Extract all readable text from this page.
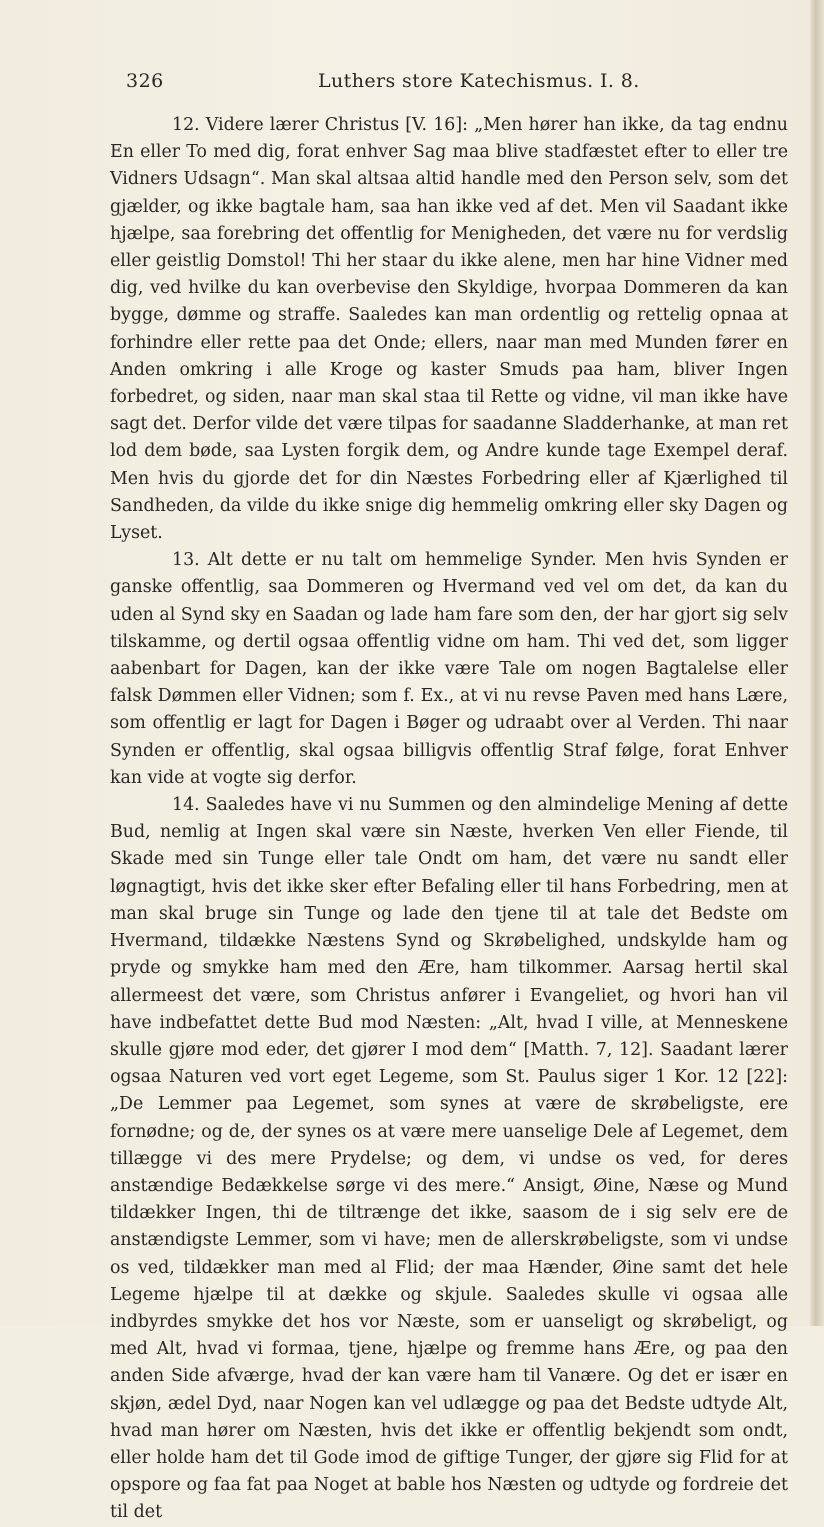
326	Luthers store Katechismus. I. 8.

12. Videre lærer Christus [V. 16]: „Men hører han ikke, da tag endnu En eller To med dig, forat enhver Sag maa blive stadfæstet efter to eller tre Vidners Udsagn“. Man skal altsaa altid handle med den Person selv, som det gjælder, og ikke bagtale ham, saa han ikke ved af det. Men vil Saadant ikke hjælpe, saa forebring det offentlig for Menigheden, det være nu for verdslig eller geistlig Domstol! Thi her staar du ikke alene, men har hine Vidner med dig, ved hvilke du kan overbevise den Skyldige, hvorpaa Dommeren da kan bygge, dømme og straffe. Saaledes kan man ordentlig og rettelig opnaa at forhindre eller rette paa det Onde; ellers, naar man med Munden fører en Anden omkring i alle Kroge og kaster Smuds paa ham, bliver Ingen forbedret, og siden, naar man skal staa til Rette og vidne, vil man ikke have sagt det. Derfor vilde det være tilpas for saadanne Sladderhanke, at man ret lod dem bøde, saa Lysten forgik dem, og Andre kunde tage Exempel deraf. Men hvis du gjorde det for din Næstes Forbedring eller af Kjærlighed til Sandheden, da vilde du ikke snige dig hemmelig omkring eller sky Dagen og Lyset.

13. Alt dette er nu talt om hemmelige Synder. Men hvis Synden er ganske offentlig, saa Dommeren og Hvermand ved vel om det, da kan du uden al Synd sky en Saadan og lade ham fare som den, der har gjort sig selv tilskamme, og dertil ogsaa offentlig vidne om ham. Thi ved det, som ligger aabenbart for Dagen, kan der ikke være Tale om nogen Bagtalelse eller falsk Dømmen eller Vidnen; som f. Ex., at vi nu revse Paven med hans Lære, som offentlig er lagt for Dagen i Bøger og udraabt over al Verden. Thi naar Synden er offentlig, skal ogsaa billigvis offentlig Straf følge, forat Enhver kan vide at vogte sig derfor.

14. Saaledes have vi nu Summen og den almindelige Mening af dette Bud, nemlig at Ingen skal være sin Næste, hverken Ven eller Fiende, til Skade med sin Tunge eller tale Ondt om ham, det være nu sandt eller løgnagtigt, hvis det ikke sker efter Befaling eller til hans Forbedring, men at man skal bruge sin Tunge og lade den tjene til at tale det Bedste om Hvermand, tildække Næstens Synd og Skrøbelighed, undskylde ham og pryde og smykke ham med den Ære, ham tilkommer. Aarsag hertil skal allermeest det være, som Christus anfører i Evangeliet, og hvori han vil have indbefattet dette Bud mod Næsten: „Alt, hvad I ville, at Menneskene skulle gjøre mod eder, det gjører I mod dem“ [Matth. 7, 12]. Saadant lærer ogsaa Naturen ved vort eget Legeme, som St. Paulus siger 1 Kor. 12 [22]: „De Lemmer paa Legemet, som synes at være de skrøbeligste, ere fornødne; og de, der synes os at være mere uanselige Dele af Legemet, dem tillægge vi des mere Prydelse; og dem, vi undse os ved, for deres anstændige Bedækkelse sørge vi des mere.“ Ansigt, Øine, Næse og Mund tildækker Ingen, thi de tiltrænge det ikke, saasom de i sig selv ere de anstændigste Lemmer, som vi have; men de allerskrøbeligste, som vi undse os ved, tildækker man med al Flid; der maa Hænder, Øine samt det hele Legeme hjælpe til at dække og skjule. Saaledes skulle vi ogsaa alle indbyrdes smykke det hos vor Næste, som er uanseligt og skrøbeligt, og med Alt, hvad vi formaa, tjene, hjælpe og fremme hans Ære, og paa den anden Side afværge, hvad der kan være ham til Vanære. Og det er især en skjøn, ædel Dyd, naar Nogen kan vel udlægge og paa det Bedste udtyde Alt, hvad man hører om Næsten, hvis det ikke er offentlig bekjendt som ondt, eller holde ham det til Gode imod de giftige Tunger, der gjøre sig Flid for at opspore og faa fat paa Noget at bable hos Næsten og udtyde og fordreie det til det
